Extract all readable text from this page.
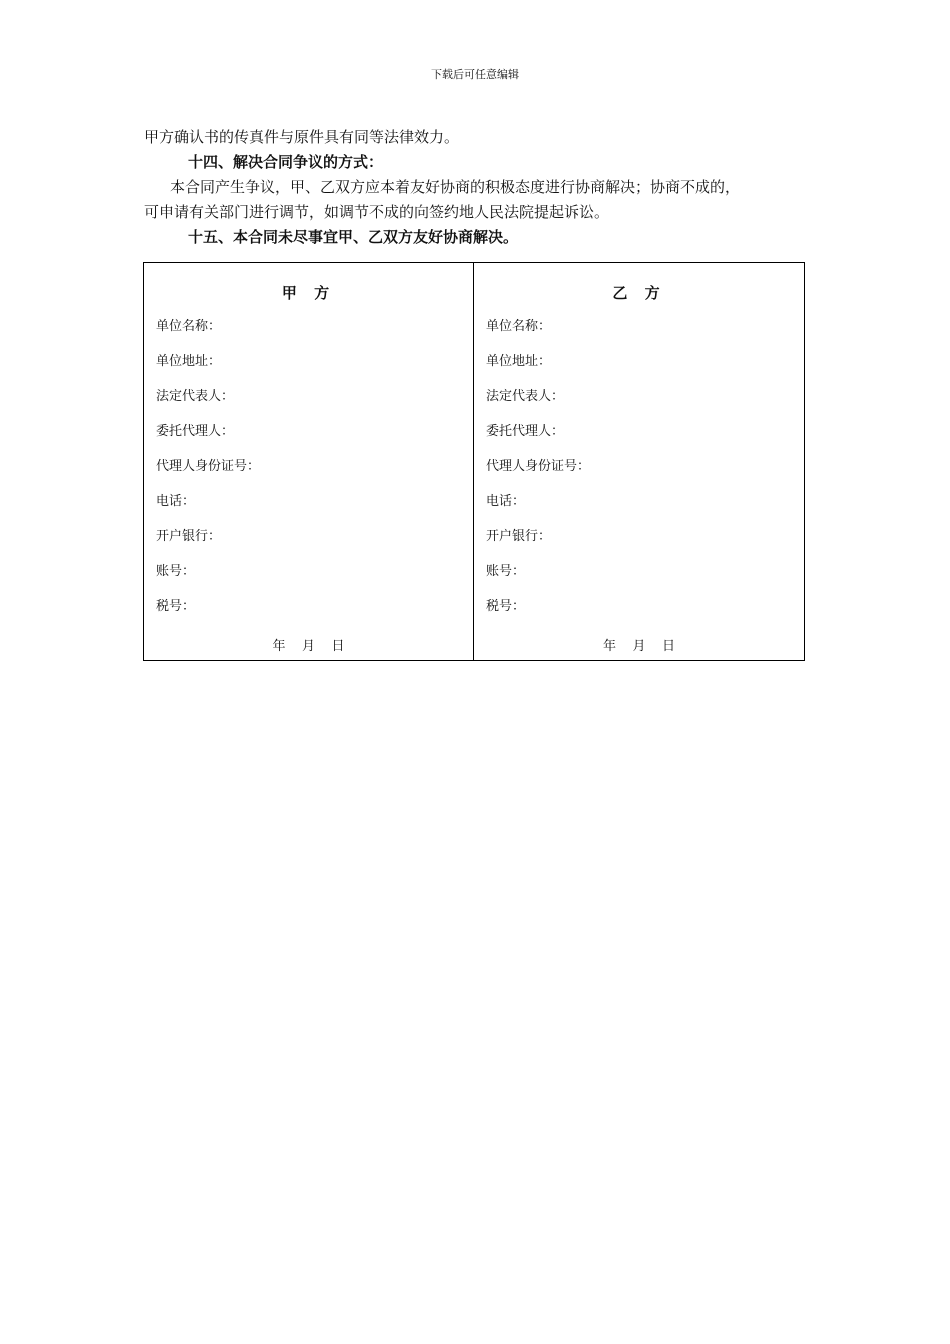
下载后可任意编辑
甲方确认书的传真件与原件具有同等法律效力。
十四、解决合同争议的方式：
本合同产生争议，甲、乙双方应本着友好协商的积极态度进行协商解决；协商不成的，
可申请有关部门进行调节，如调节不成的向签约地人民法院提起诉讼。
十五、本合同未尽事宜甲、乙双方友好协商解决。
甲 方
单位名称：
单位地址：
法定代表人：
委托代理人：
代理人身份证号：
电话：
开户银行：
账号：
税号：
年    月    日
乙 方
单位名称：
单位地址：
法定代表人：
委托代理人：
代理人身份证号：
电话：
开户银行：
账号：
税号：
年    月    日
